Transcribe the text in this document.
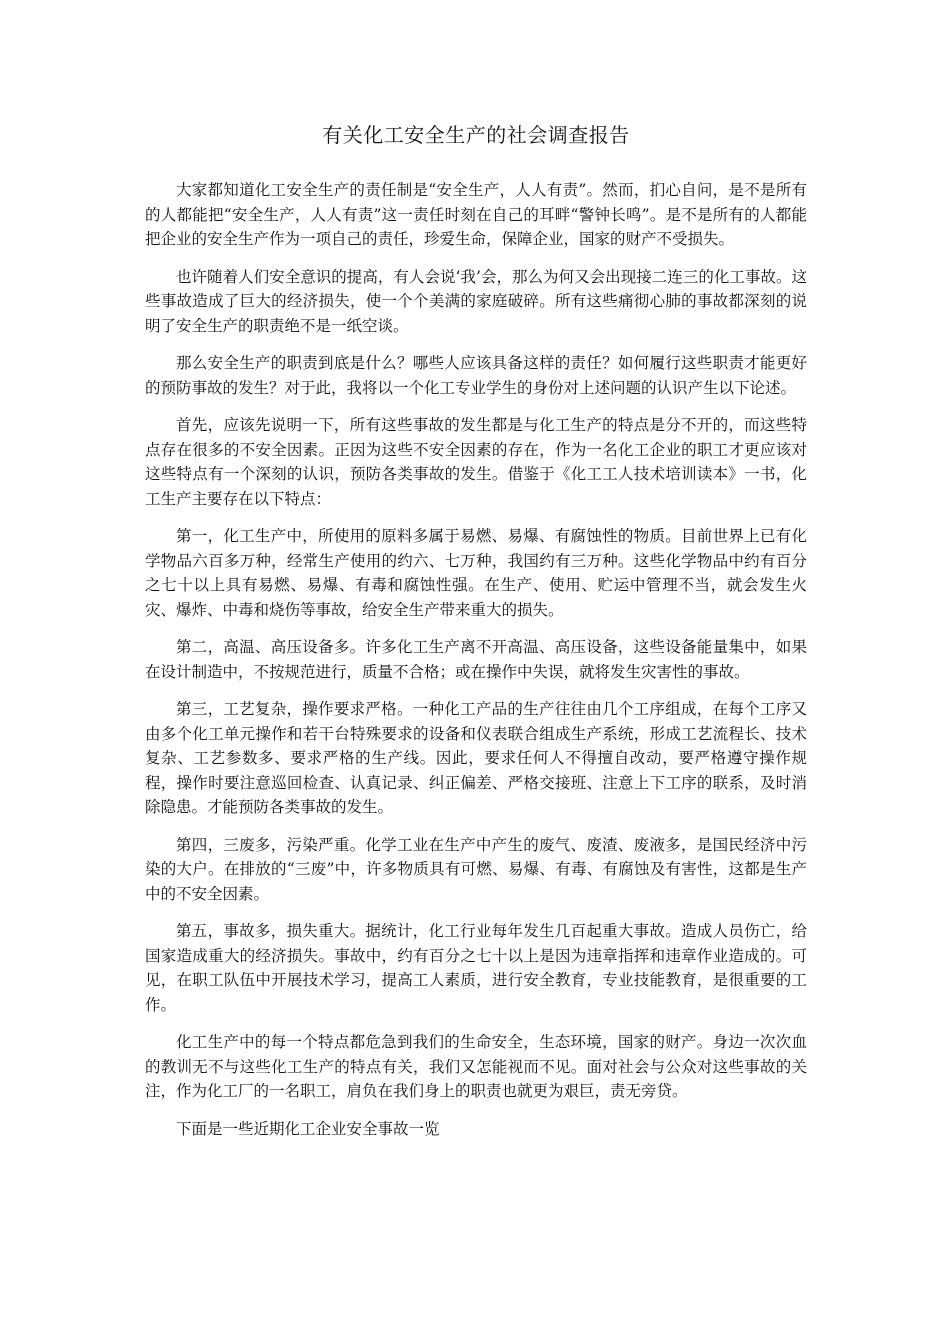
有关化工安全生产的社会调查报告

大家都知道化工安全生产的责任制是“安全生产，人人有责”。然而，扪心自问，是不是所有的人都能把“安全生产，人人有责”这一责任时刻在自己的耳畔“警钟长鸣”。是不是所有的人都能把企业的安全生产作为一项自己的责任，珍爱生命，保障企业，国家的财产不受损失。

也许随着人们安全意识的提高，有人会说‘我’会，那么为何又会出现接二连三的化工事故。这些事故造成了巨大的经济损失，使一个个美满的家庭破碎。所有这些痛彻心肺的事故都深刻的说明了安全生产的职责绝不是一纸空谈。

那么安全生产的职责到底是什么？哪些人应该具备这样的责任？如何履行这些职责才能更好的预防事故的发生？对于此，我将以一个化工专业学生的身份对上述问题的认识产生以下论述。

首先，应该先说明一下，所有这些事故的发生都是与化工生产的特点是分不开的，而这些特点存在很多的不安全因素。正因为这些不安全因素的存在，作为一名化工企业的职工才更应该对这些特点有一个深刻的认识，预防各类事故的发生。借鉴于《化工工人技术培训读本》一书，化工生产主要存在以下特点：

第一，化工生产中，所使用的原料多属于易燃、易爆、有腐蚀性的物质。目前世界上已有化学物品六百多万种，经常生产使用的约六、七万种，我国约有三万种。这些化学物品中约有百分之七十以上具有易燃、易爆、有毒和腐蚀性强。在生产、使用、贮运中管理不当，就会发生火灾、爆炸、中毒和烧伤等事故，给安全生产带来重大的损失。

第二，高温、高压设备多。许多化工生产离不开高温、高压设备，这些设备能量集中，如果在设计制造中，不按规范进行，质量不合格；或在操作中失误，就将发生灾害性的事故。

第三，工艺复杂，操作要求严格。一种化工产品的生产往往由几个工序组成，在每个工序又由多个化工单元操作和若干台特殊要求的设备和仪表联合组成生产系统，形成工艺流程长、技术复杂、工艺参数多、要求严格的生产线。因此，要求任何人不得擅自改动，要严格遵守操作规程，操作时要注意巡回检查、认真记录、纠正偏差、严格交接班、注意上下工序的联系，及时消除隐患。才能预防各类事故的发生。

第四，三废多，污染严重。化学工业在生产中产生的废气、废渣、废液多，是国民经济中污染的大户。在排放的“三废”中，许多物质具有可燃、易爆、有毒、有腐蚀及有害性，这都是生产中的不安全因素。

第五，事故多，损失重大。据统计，化工行业每年发生几百起重大事故。造成人员伤亡，给国家造成重大的经济损失。事故中，约有百分之七十以上是因为违章指挥和违章作业造成的。可见，在职工队伍中开展技术学习，提高工人素质，进行安全教育，专业技能教育，是很重要的工作。

化工生产中的每一个特点都危急到我们的生命安全，生态环境，国家的财产。身边一次次血的教训无不与这些化工生产的特点有关，我们又怎能视而不见。面对社会与公众对这些事故的关注，作为化工厂的一名职工，肩负在我们身上的职责也就更为艰巨，责无旁贷。

下面是一些近期化工企业安全事故一览
